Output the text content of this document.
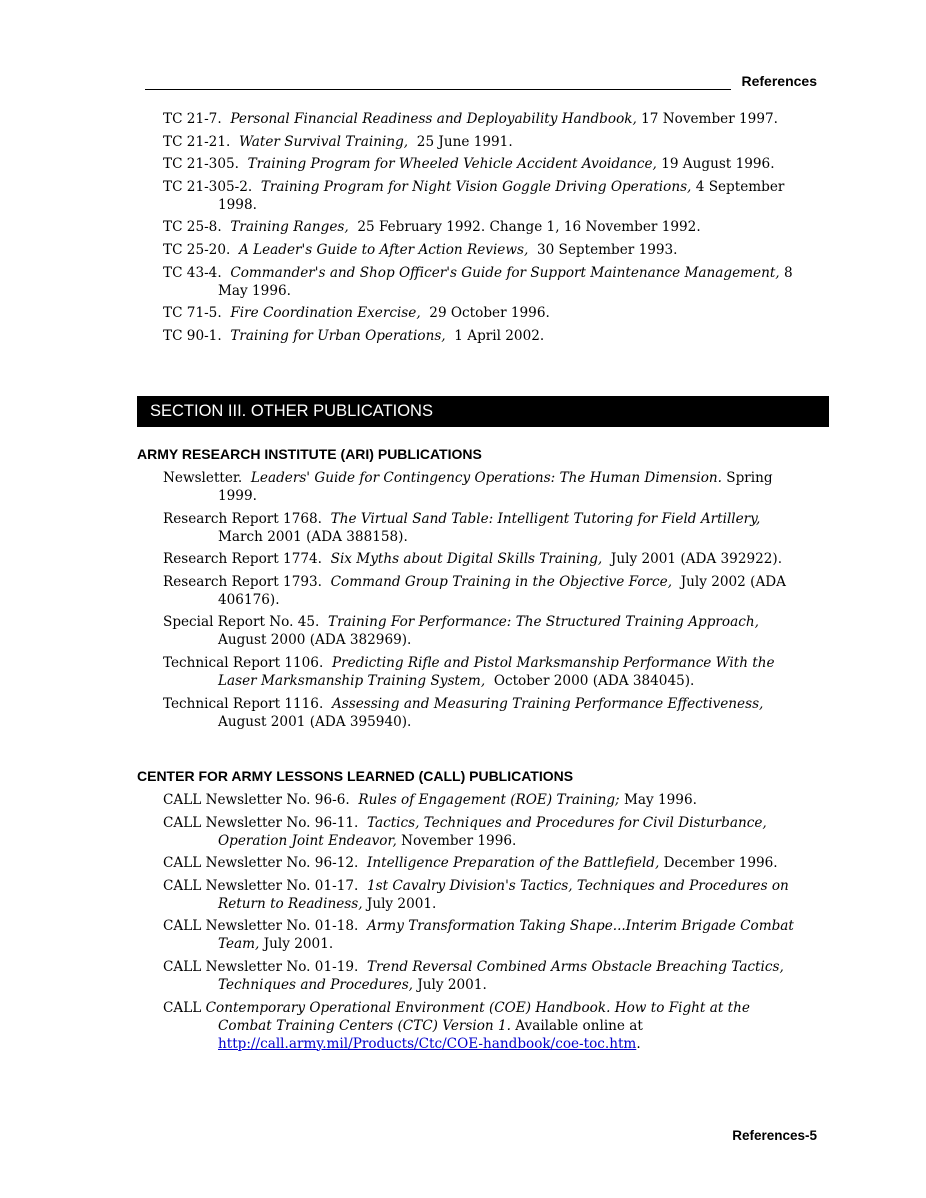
References

TC 21-7. Personal Financial Readiness and Deployability Handbook, 17 November 1997.

TC 21-21. Water Survival Training, 25 June 1991.

TC 21-305. Training Program for Wheeled Vehicle Accident Avoidance, 19 August 1996.

TC 21-305-2. Training Program for Night Vision Goggle Driving Operations, 4 September 1998.

TC 25-8. Training Ranges, 25 February 1992. Change 1, 16 November 1992.

TC 25-20. A Leader's Guide to After Action Reviews, 30 September 1993.

TC 43-4. Commander's and Shop Officer's Guide for Support Maintenance Management, 8 May 1996.

TC 71-5. Fire Coordination Exercise, 29 October 1996.

TC 90-1. Training for Urban Operations, 1 April 2002.

SECTION III. OTHER PUBLICATIONS
ARMY RESEARCH INSTITUTE (ARI) PUBLICATIONS

Newsletter. Leaders' Guide for Contingency Operations: The Human Dimension. Spring 1999.

Research Report 1768. The Virtual Sand Table: Intelligent Tutoring for Field Artillery, March 2001 (ADA 388158).

Research Report 1774. Six Myths about Digital Skills Training, July 2001 (ADA 392922).

Research Report 1793. Command Group Training in the Objective Force, July 2002 (ADA 406176).

Special Report No. 45. Training For Performance: The Structured Training Approach, August 2000 (ADA 382969).

Technical Report 1106. Predicting Rifle and Pistol Marksmanship Performance With the Laser Marksmanship Training System, October 2000 (ADA 384045).

Technical Report 1116. Assessing and Measuring Training Performance Effectiveness, August 2001 (ADA 395940).

CENTER FOR ARMY LESSONS LEARNED (CALL) PUBLICATIONS

CALL Newsletter No. 96-6. Rules of Engagement (ROE) Training; May 1996.

CALL Newsletter No. 96-11. Tactics, Techniques and Procedures for Civil Disturbance, Operation Joint Endeavor, November 1996.

CALL Newsletter No. 96-12. Intelligence Preparation of the Battlefield, December 1996.

CALL Newsletter No. 01-17. 1st Cavalry Division's Tactics, Techniques and Procedures on Return to Readiness, July 2001.

CALL Newsletter No. 01-18. Army Transformation Taking Shape...Interim Brigade Combat Team, July 2001.

CALL Newsletter No. 01-19. Trend Reversal Combined Arms Obstacle Breaching Tactics, Techniques and Procedures, July 2001.

CALL Contemporary Operational Environment (COE) Handbook. How to Fight at the Combat Training Centers (CTC) Version 1. Available online at http://call.army.mil/Products/Ctc/COE-handbook/coe-toc.htm.

References-5
